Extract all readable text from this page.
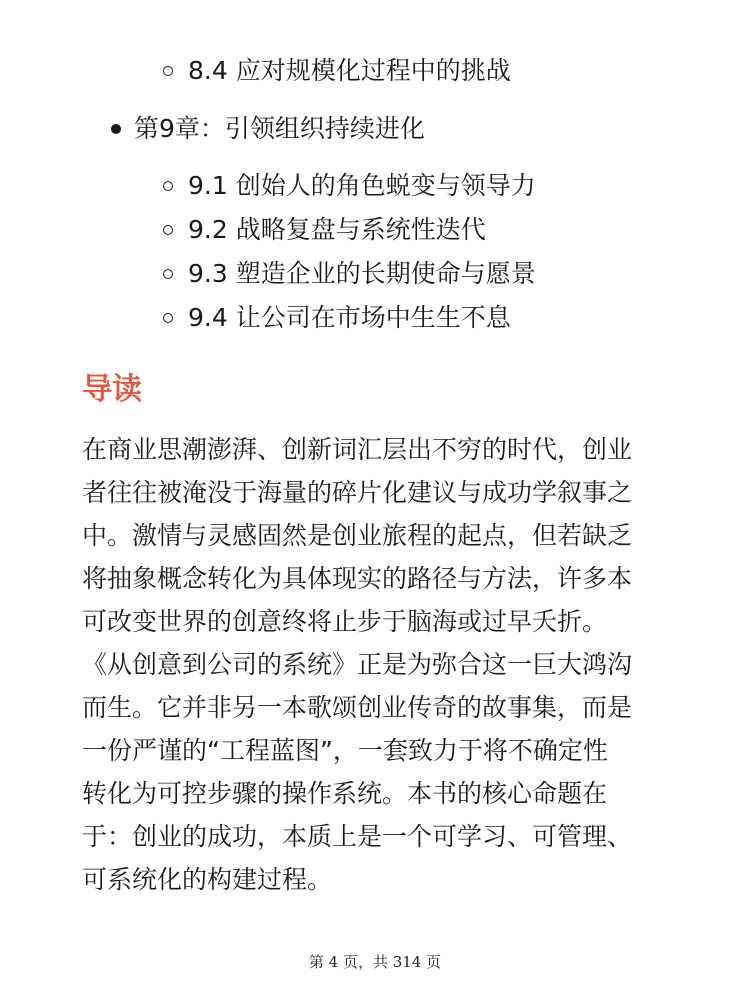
8.4 应对规模化过程中的挑战
第9章：引领组织持续进化
9.1 创始人的角色蜕变与领导力
9.2 战略复盘与系统性迭代
9.3 塑造企业的长期使命与愿景
9.4 让公司在市场中生生不息
导读
在商业思潮澎湃、创新词汇层出不穷的时代，创业
者往往被淹没于海量的碎片化建议与成功学叙事之
中。激情与灵感固然是创业旅程的起点，但若缺乏
将抽象概念转化为具体现实的路径与方法，许多本
可改变世界的创意终将止步于脑海或过早夭折。
《从创意到公司的系统》正是为弥合这一巨大鸿沟
而生。它并非另一本歌颂创业传奇的故事集，而是
一份严谨的“工程蓝图”，一套致力于将不确定性
转化为可控步骤的操作系统。本书的核心命题在
于：创业的成功，本质上是一个可学习、可管理、
可系统化的构建过程。
第 4 页，共 314 页
